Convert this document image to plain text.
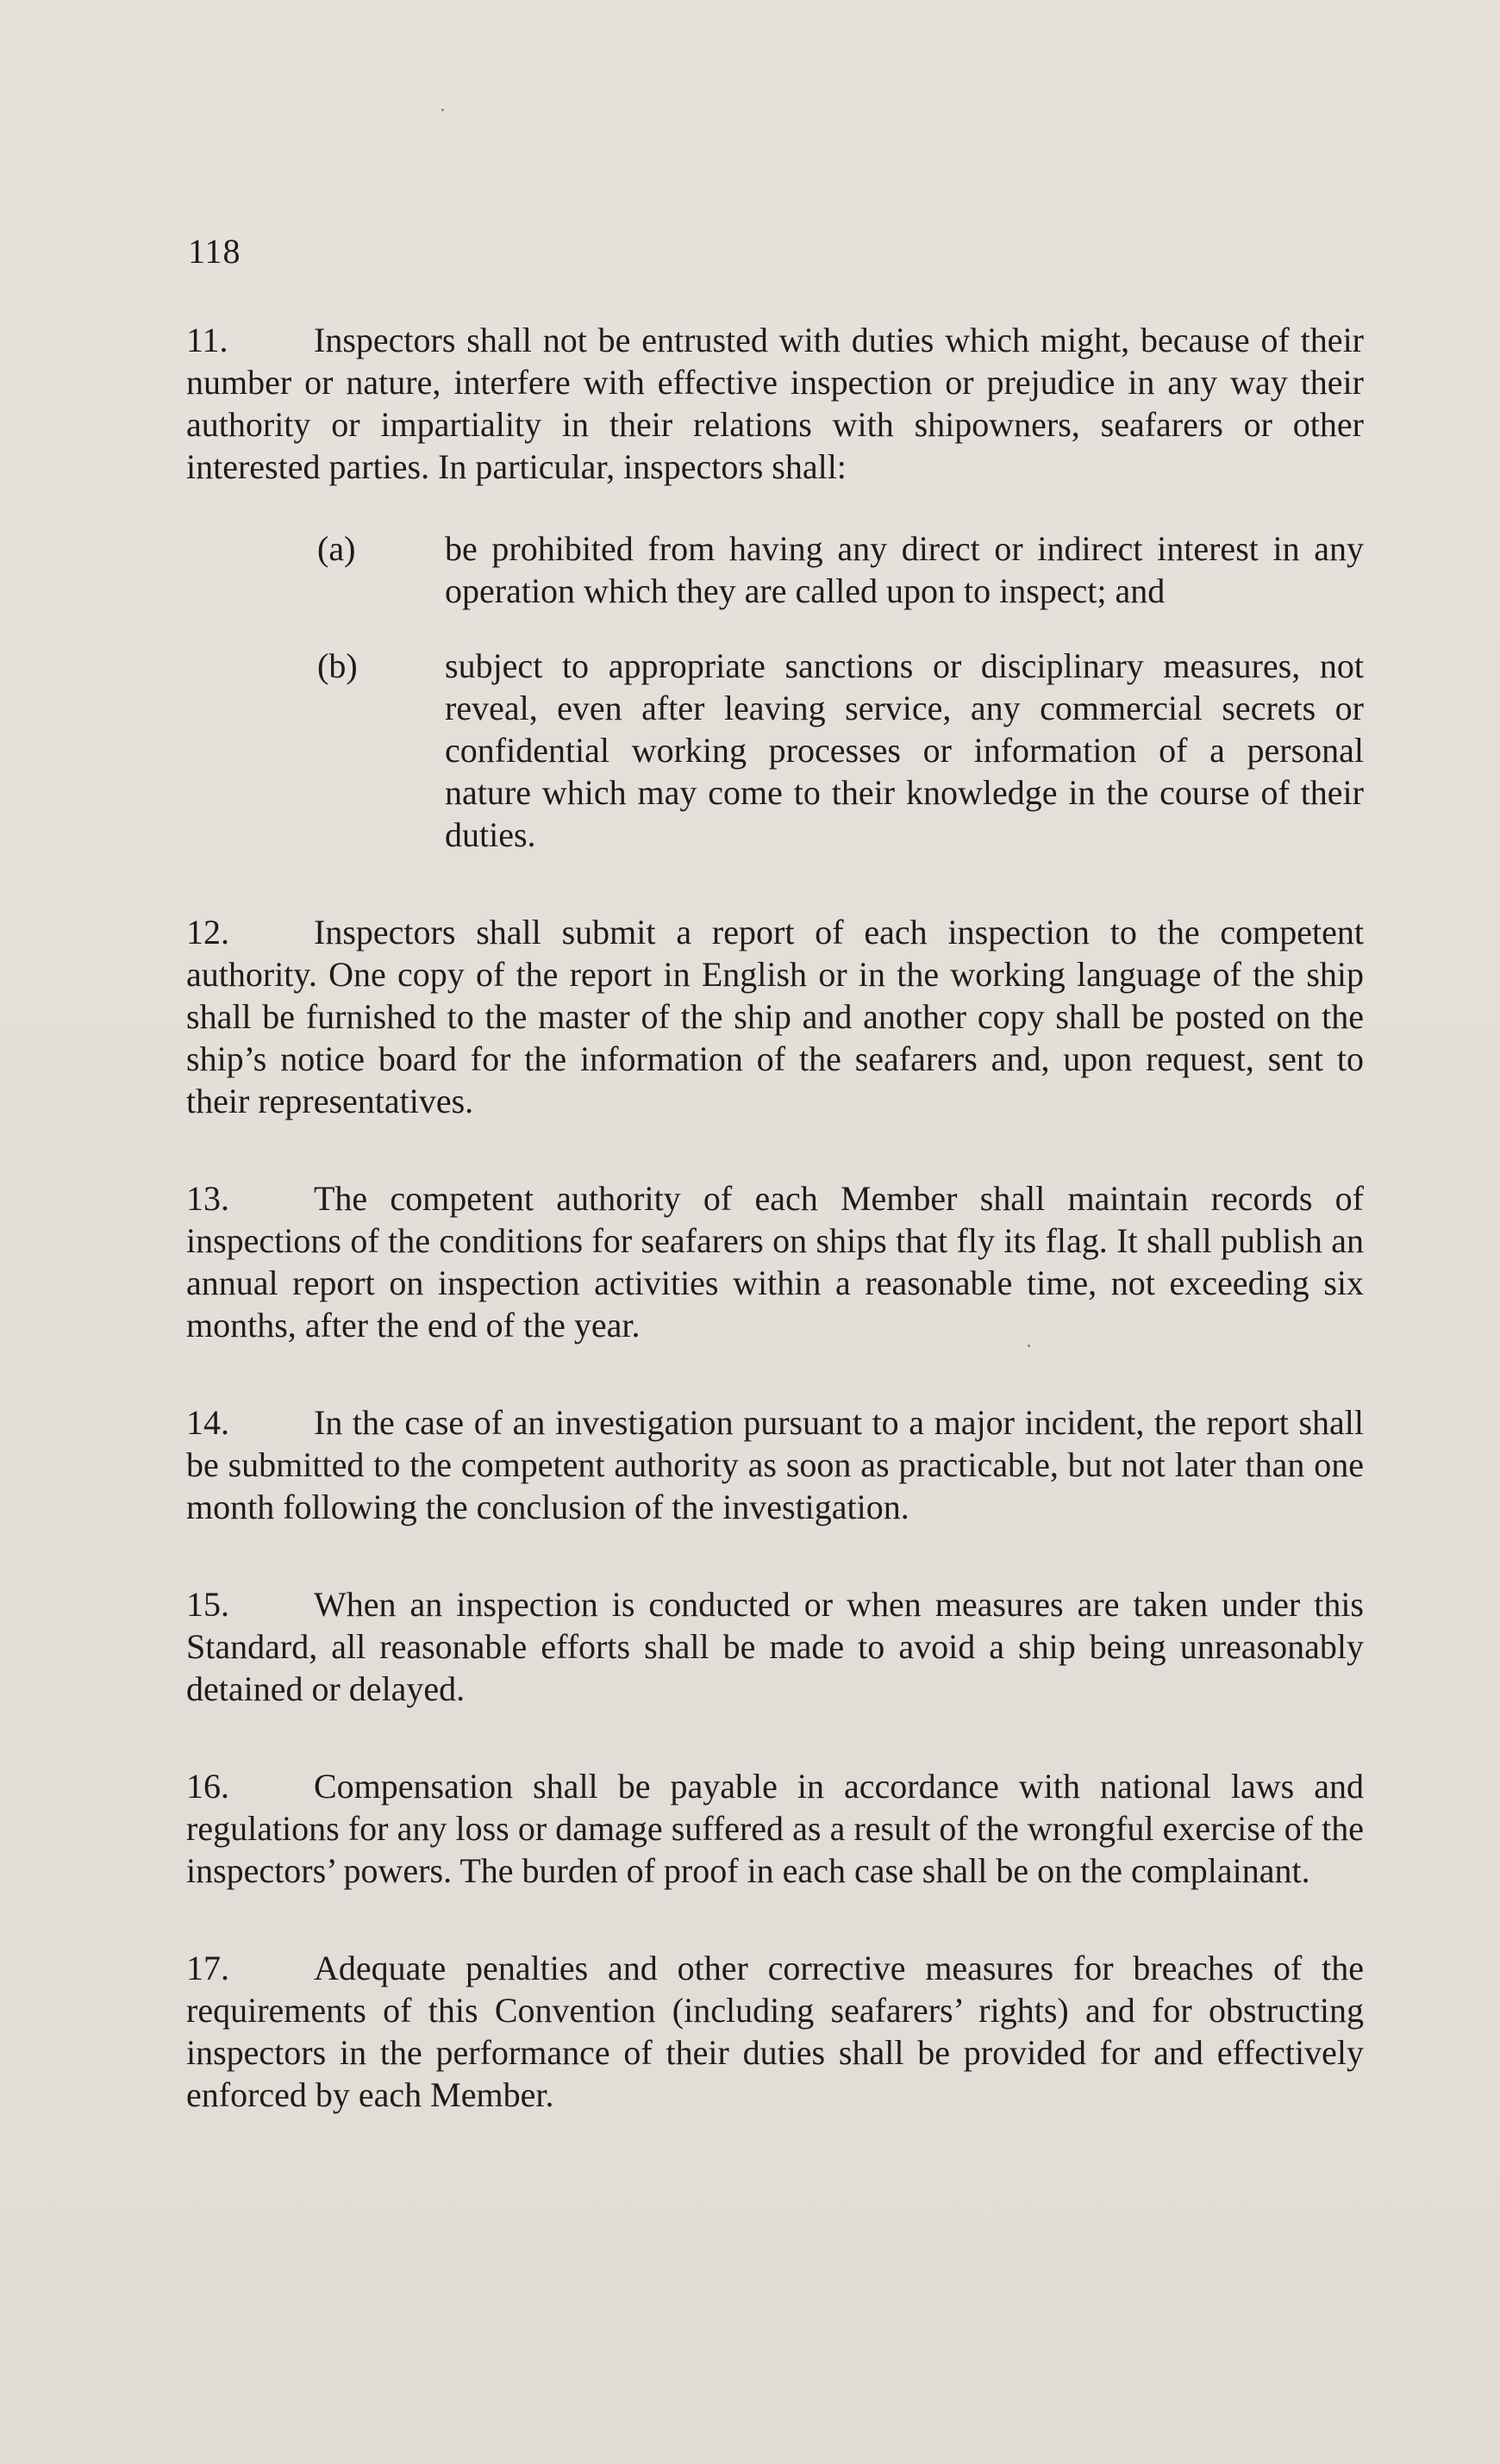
118

11. Inspectors shall not be entrusted with duties which might, because of their number or nature, interfere with effective inspection or prejudice in any way their authority or impartiality in their relations with shipowners, seafarers or other interested parties. In particular, inspectors shall:

(a)	be prohibited from having any direct or indirect interest in any operation which they are called upon to inspect; and
(b)	subject to appropriate sanctions or disciplinary measures, not reveal, even after leaving service, any commercial secrets or confidential working processes or information of a personal nature which may come to their knowledge in the course of their duties.

12. Inspectors shall submit a report of each inspection to the competent authority. One copy of the report in English or in the working language of the ship shall be furnished to the master of the ship and another copy shall be posted on the ship’s notice board for the information of the seafarers and, upon request, sent to their representatives.

13. The competent authority of each Member shall maintain records of inspections of the conditions for seafarers on ships that fly its flag. It shall publish an annual report on inspection activities within a reasonable time, not exceeding six months, after the end of the year.

14. In the case of an investigation pursuant to a major incident, the report shall be submitted to the competent authority as soon as practicable, but not later than one month following the conclusion of the investigation.

15. When an inspection is conducted or when measures are taken under this Standard, all reasonable efforts shall be made to avoid a ship being unreasonably detained or delayed.

16. Compensation shall be payable in accordance with national laws and regulations for any loss or damage suffered as a result of the wrongful exercise of the inspectors’ powers. The burden of proof in each case shall be on the complainant.

17. Adequate penalties and other corrective measures for breaches of the requirements of this Convention (including seafarers’ rights) and for obstructing inspectors in the performance of their duties shall be provided for and effectively enforced by each Member.
